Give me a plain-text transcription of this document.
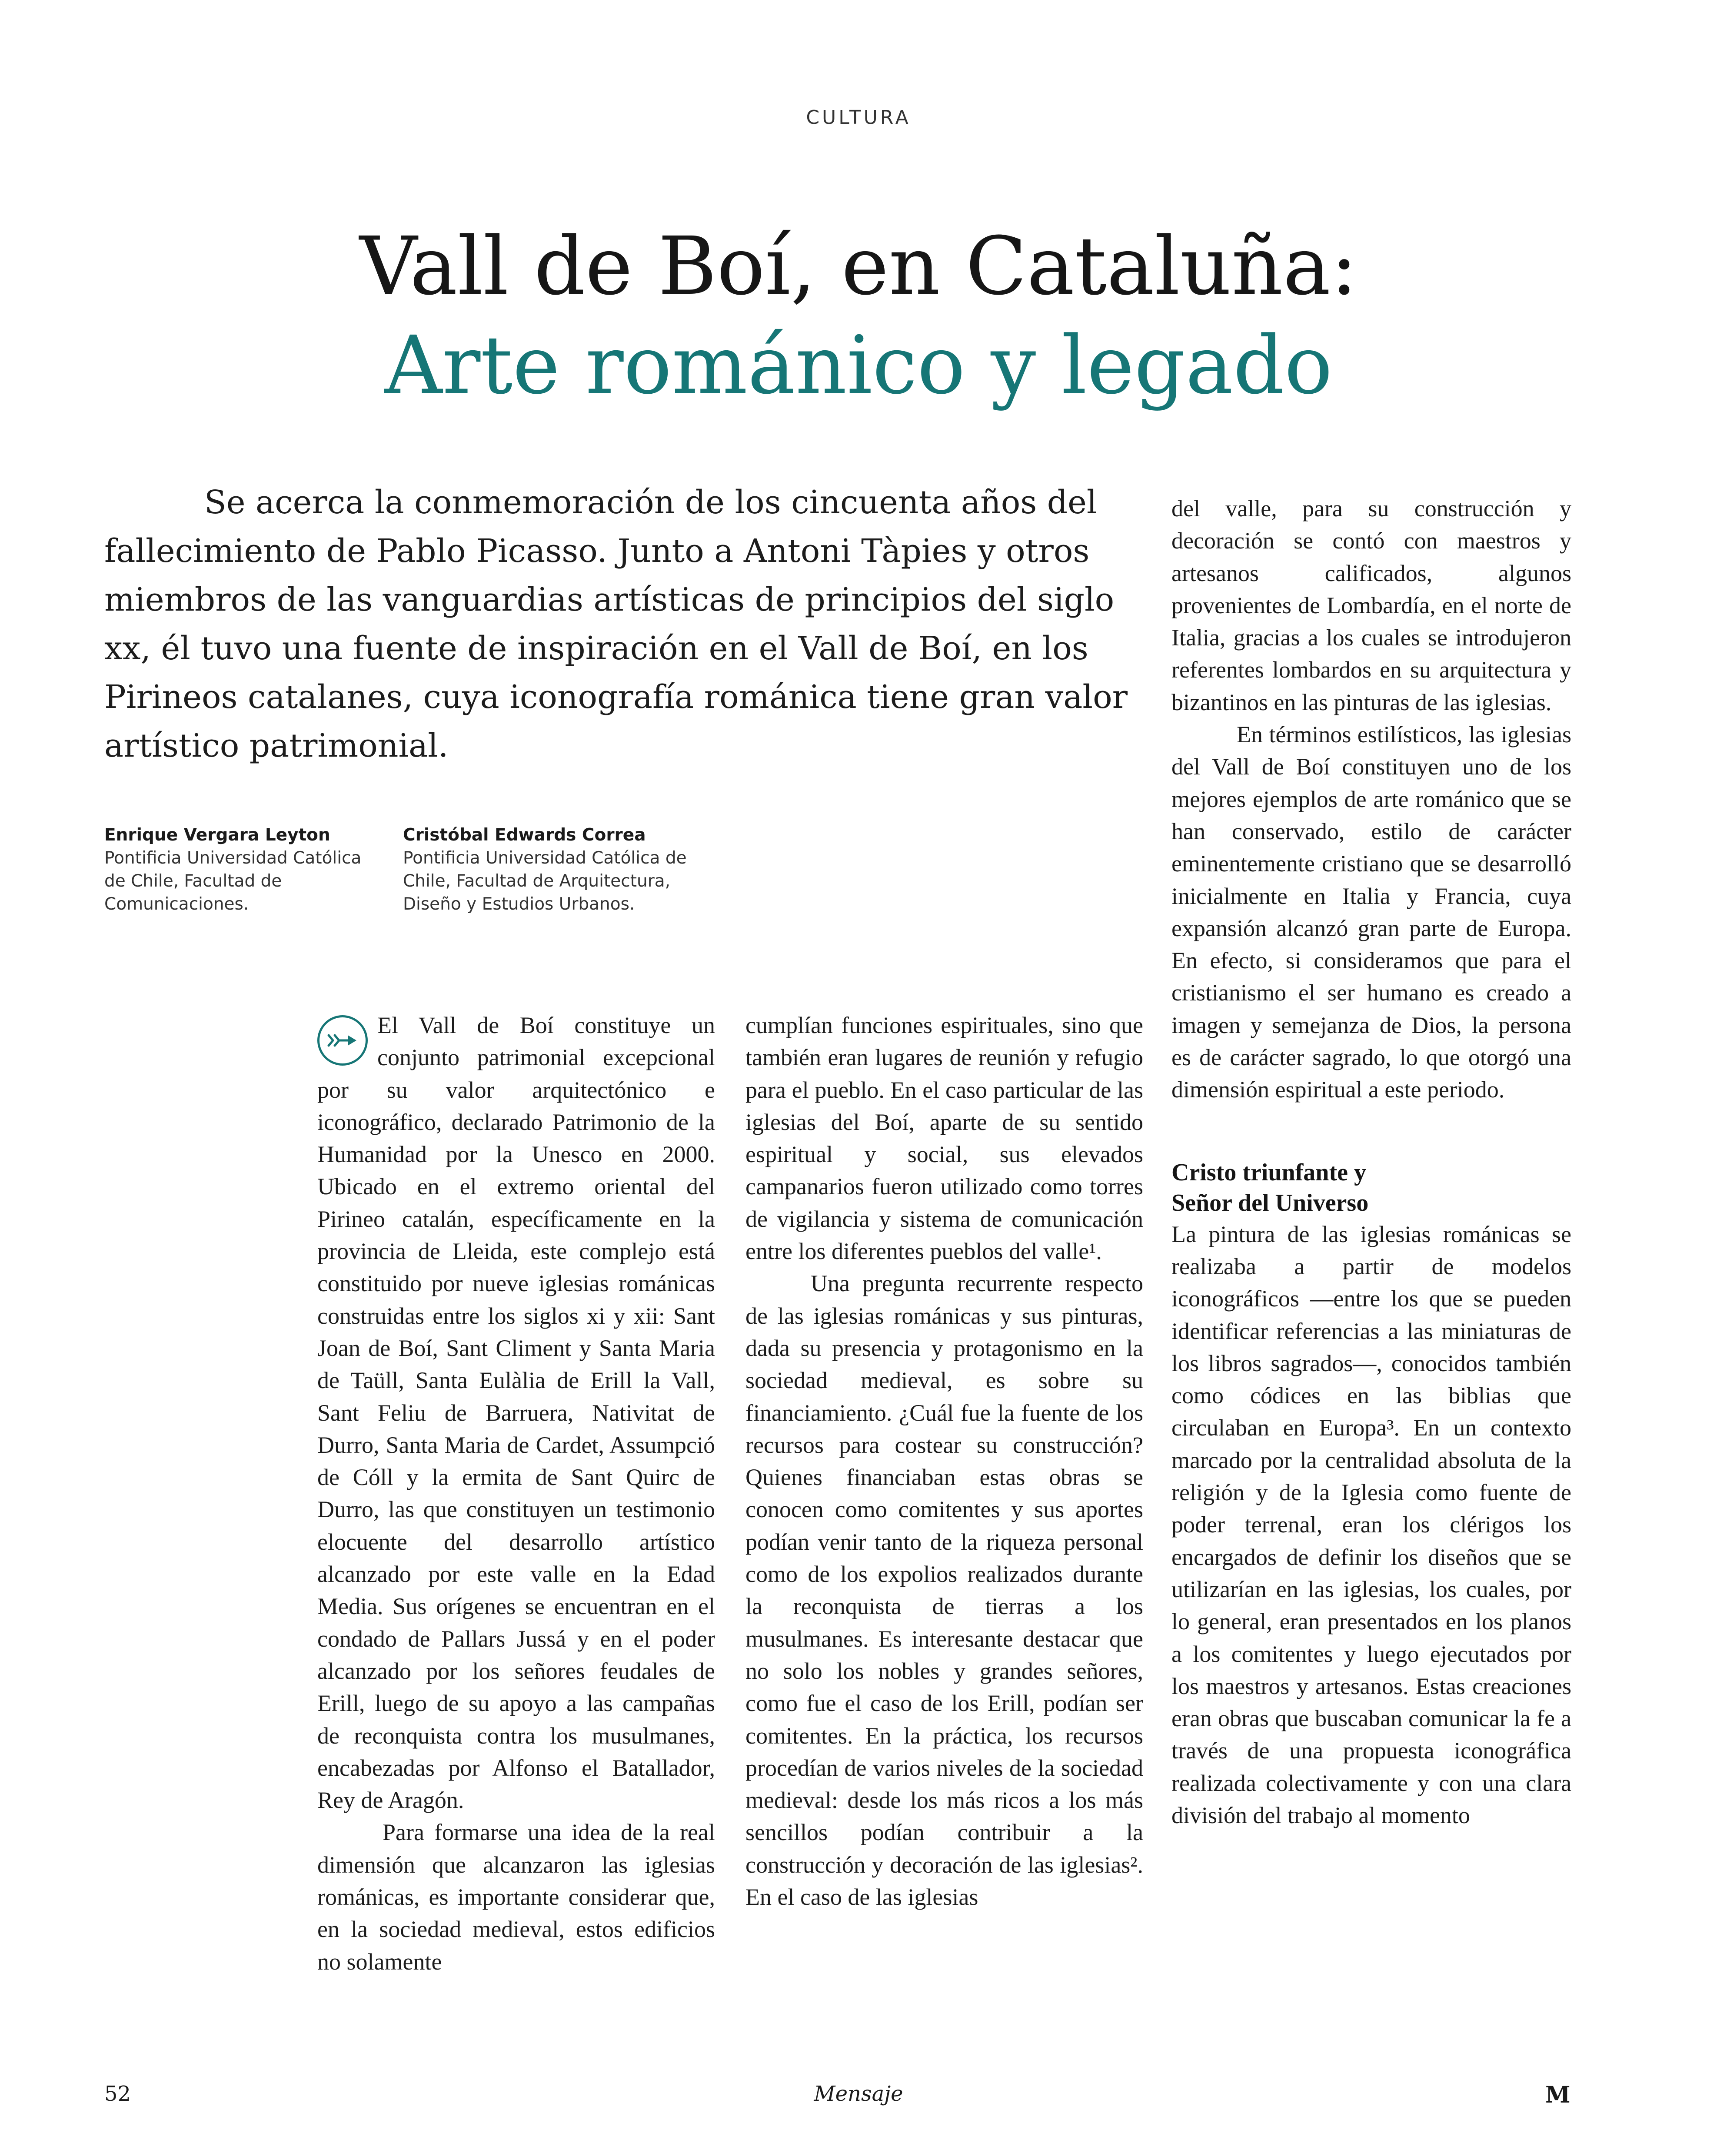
CULTURA
Vall de Boí, en Cataluña:
Arte románico y legado

Se acerca la conmemoración de los cincuenta años del fallecimiento de Pablo Picasso. Junto a Antoni Tàpies y otros miembros de las vanguardias artísticas de principios del siglo xx, él tuvo una fuente de inspiración en el Vall de Boí, en los Pirineos catalanes, cuya iconografía románica tiene gran valor artístico patrimonial.

Enrique Vergara Leyton
Pontificia Universidad Católica de Chile, Facultad de Comunicaciones.
Cristóbal Edwards Correa
Pontificia Universidad Católica de Chile, Facultad de Arquitectura, Diseño y Estudios Urbanos.

El Vall de Boí constituye un conjunto patrimonial excepcional por su valor arquitectónico e iconográfico, declarado Patrimonio de la Humanidad por la Unesco en 2000. Ubicado en el extremo oriental del Pirineo catalán, específicamente en la provincia de Lleida, este complejo está constituido por nueve iglesias románicas construidas entre los siglos xi y xii: Sant Joan de Boí, Sant Climent y Santa Maria de Taüll, Santa Eulàlia de Erill la Vall, Sant Feliu de Barruera, Nativitat de Durro, Santa Maria de Cardet, Assumpció de Cóll y la ermita de Sant Quirc de Durro, las que constituyen un testimonio elocuente del desarrollo artístico alcanzado por este valle en la Edad Media. Sus orígenes se encuentran en el condado de Pallars Jussá y en el poder alcanzado por los señores feudales de Erill, luego de su apoyo a las campañas de reconquista contra los musulmanes, encabezadas por Alfonso el Batallador, Rey de Aragón.

Para formarse una idea de la real dimensión que alcanzaron las iglesias románicas, es importante considerar que, en la sociedad medieval, estos edificios no solamente

cumplían funciones espirituales, sino que también eran lugares de reunión y refugio para el pueblo. En el caso particular de las iglesias del Boí, aparte de su sentido espiritual y social, sus elevados campanarios fueron utilizado como torres de vigilancia y sistema de comunicación entre los diferentes pueblos del valle¹.

Una pregunta recurrente respecto de las iglesias románicas y sus pinturas, dada su presencia y protagonismo en la sociedad medieval, es sobre su financiamiento. ¿Cuál fue la fuente de los recursos para costear su construcción? Quienes financiaban estas obras se conocen como comitentes y sus aportes podían venir tanto de la riqueza personal como de los expolios realizados durante la reconquista de tierras a los musulmanes. Es interesante destacar que no solo los nobles y grandes señores, como fue el caso de los Erill, podían ser comitentes. En la práctica, los recursos procedían de varios niveles de la sociedad medieval: desde los más ricos a los más sencillos podían contribuir a la construcción y decoración de las iglesias². En el caso de las iglesias

del valle, para su construcción y decoración se contó con maestros y artesanos calificados, algunos provenientes de Lombardía, en el norte de Italia, gracias a los cuales se introdujeron referentes lombardos en su arquitectura y bizantinos en las pinturas de las iglesias.

En términos estilísticos, las iglesias del Vall de Boí constituyen uno de los mejores ejemplos de arte románico que se han conservado, estilo de carácter eminentemente cristiano que se desarrolló inicialmente en Italia y Francia, cuya expansión alcanzó gran parte de Europa. En efecto, si consideramos que para el cristianismo el ser humano es creado a imagen y semejanza de Dios, la persona es de carácter sagrado, lo que otorgó una dimensión espiritual a este periodo.

Cristo triunfante y
Señor del Universo

La pintura de las iglesias románicas se realizaba a partir de modelos iconográficos —entre los que se pueden identificar referencias a las miniaturas de los libros sagrados—, conocidos también como códices en las biblias que circulaban en Europa³. En un contexto marcado por la centralidad absoluta de la religión y de la Iglesia como fuente de poder terrenal, eran los clérigos los encargados de definir los diseños que se utilizarían en las iglesias, los cuales, por lo general, eran presentados en los planos a los comitentes y luego ejecutados por los maestros y artesanos. Estas creaciones eran obras que buscaban comunicar la fe a través de una propuesta iconográfica realizada colectivamente y con una clara división del trabajo al momento

52	Mensaje	M
